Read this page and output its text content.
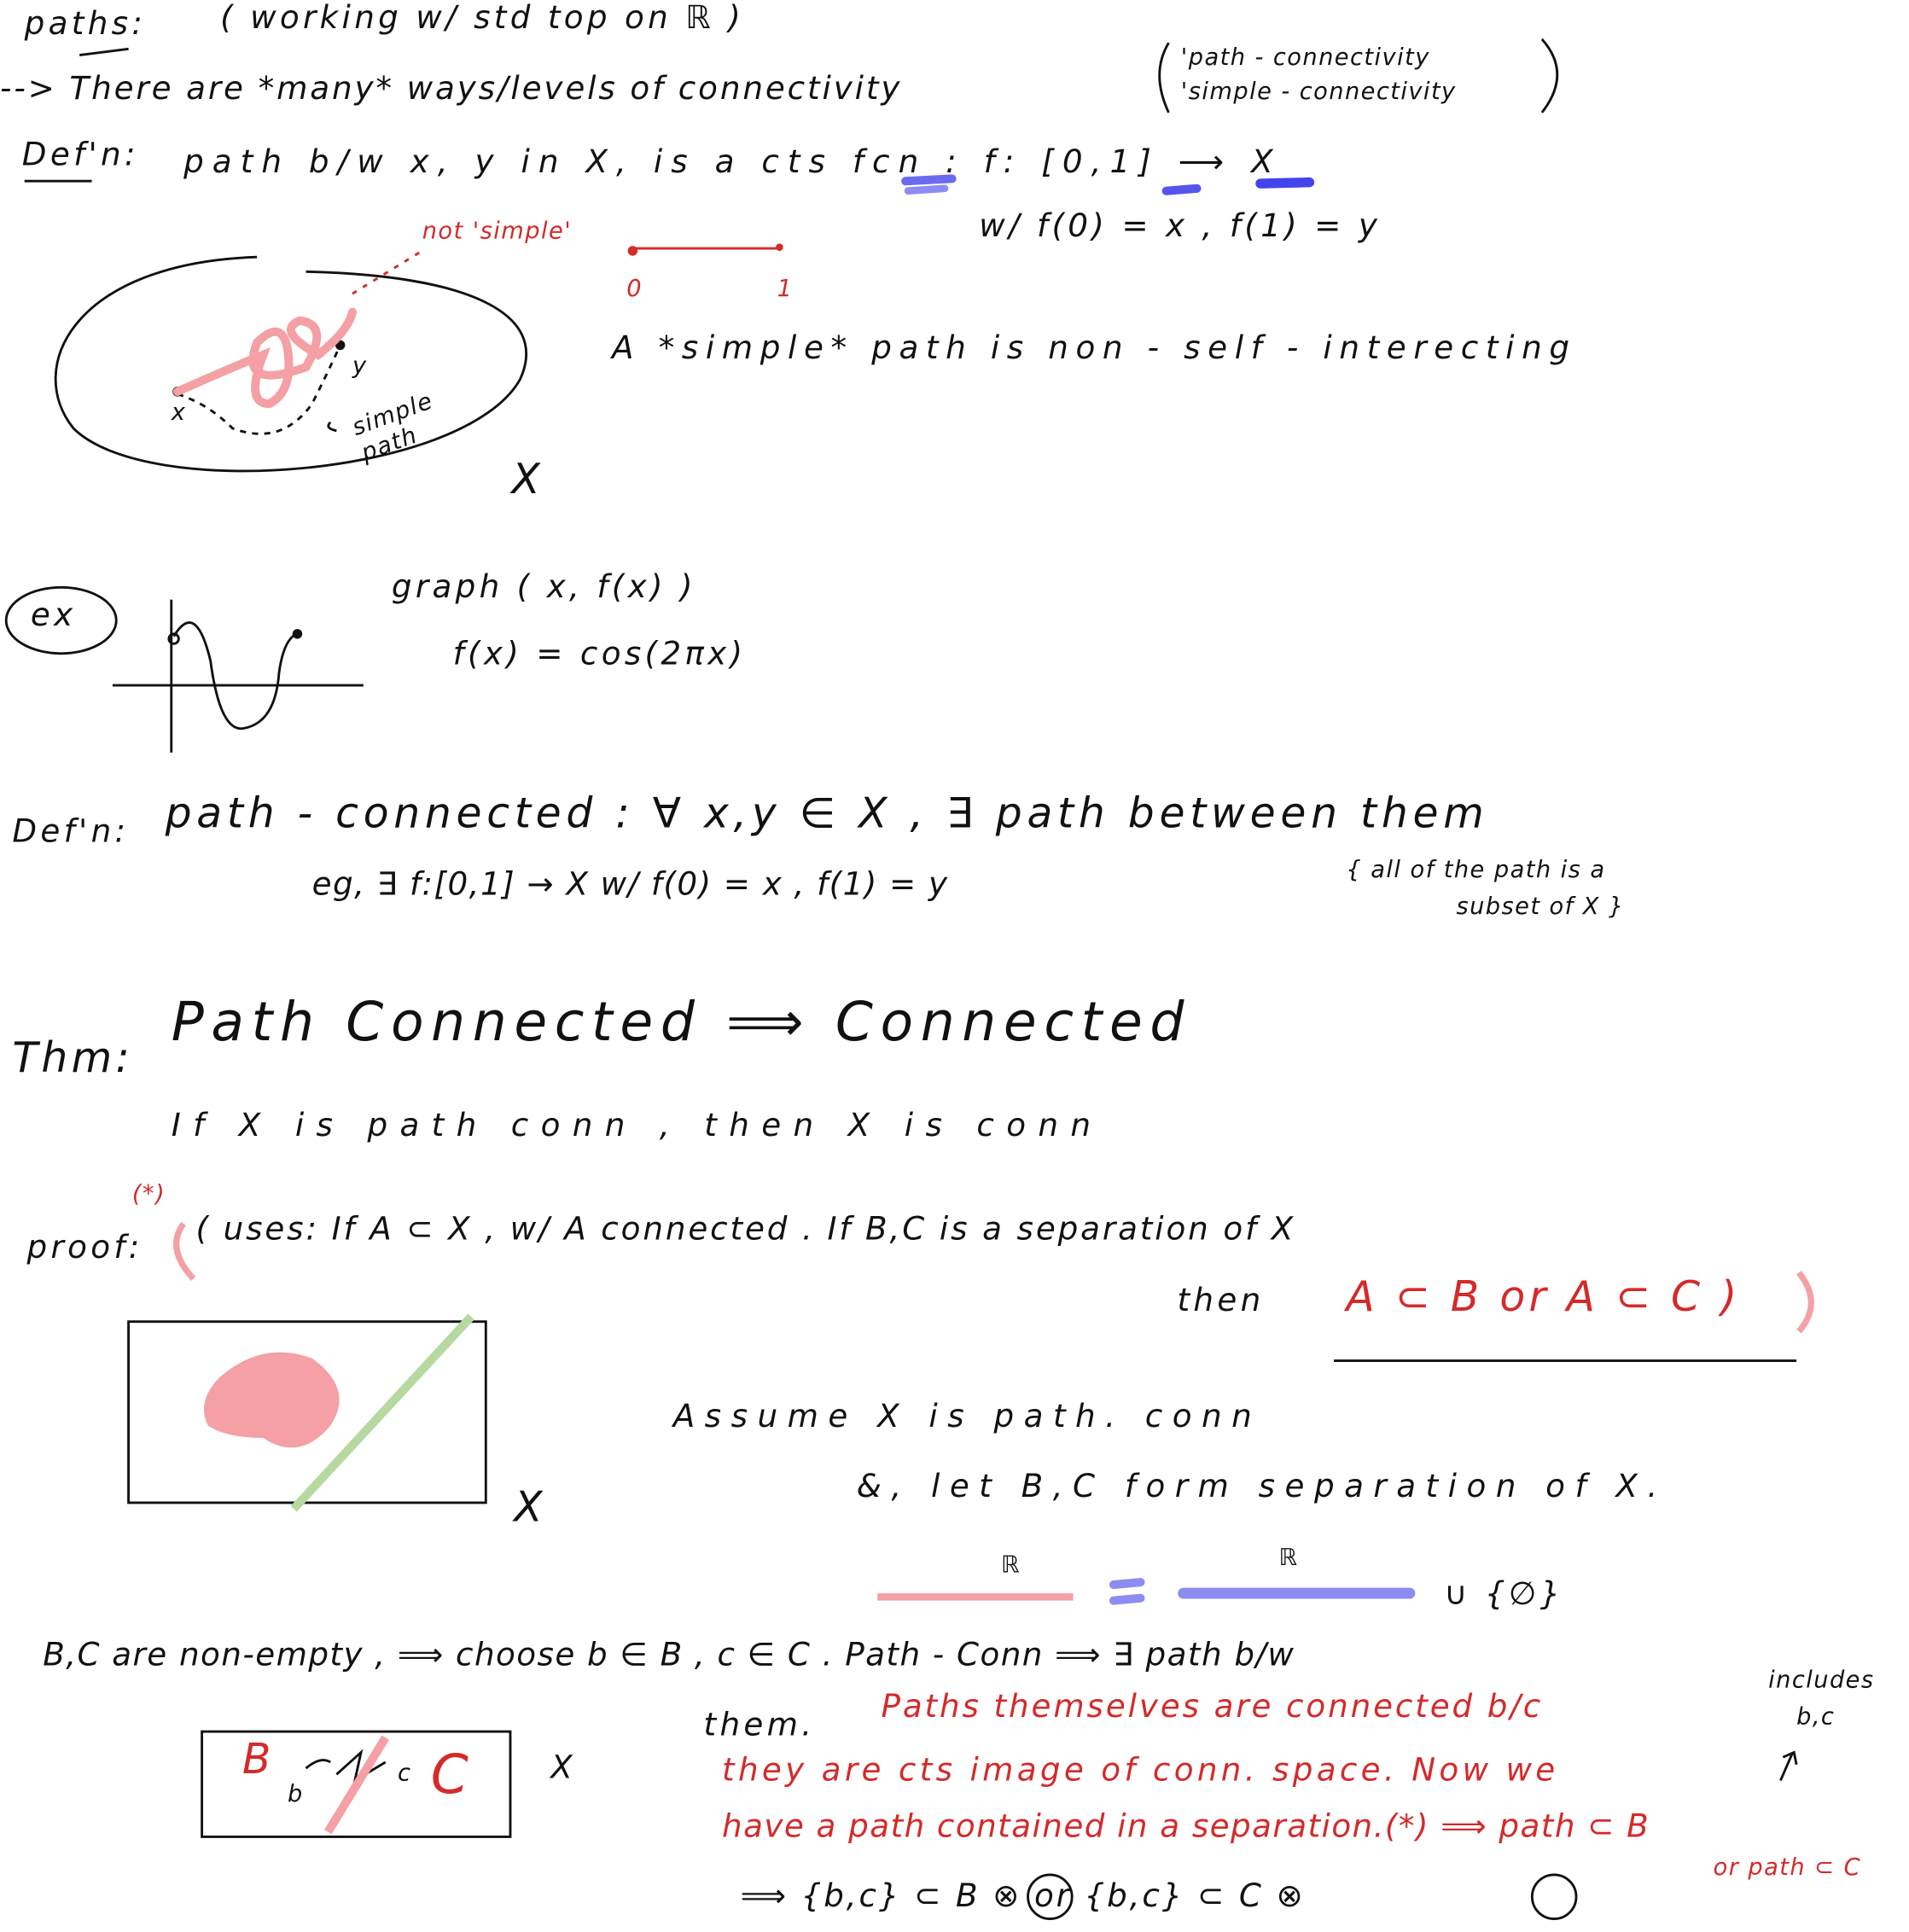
paths:	( working w/ std top on ℝ )
--> There are *many* ways/levels of connectivity
'path - connectivity
'simple - connectivity
Def'n: path b/w x, y in X, is a cts fcn : f: [0,1] ⟶ X
w/ f(0) = x , f(1) = y
not 'simple'
0	1
A *simple* path is non - self - interecting
x
y
simple path
X
ex
graph ( x, f(x) )
f(x) = cos(2πx)
Def'n: path - connected : ∀ x,y ∈ X , ∃ path between them
eg, ∃ f:[0,1] → X w/ f(0) = x , f(1) = y	{ all of the path is a
subset of X }
Thm:
Path Connected ⟹ Connected
If X is path conn , then X is conn
proof:
(*)
( uses: If A ⊂ X , w/ A connected . If B,C is a separation of X
then	A ⊂ B or A ⊂ C )
X
Assume X is path. conn
&, let B,C form separation of X.
ℝ	ℝ
∪ {∅}
B,C are non-empty , ⟹ choose b ∈ B , c ∈ C . Path - Conn ⟹ ∃ path b/w
B
b
c C	X
them.	Paths themselves are connected b/c
includes
b,c
they are cts image of conn. space. Now we
have a path contained in a separation.(*) ⟹ path ⊂ B
or path ⊂ C
⟹ {b,c} ⊂ B ⊗ or {b,c} ⊂ C ⊗
